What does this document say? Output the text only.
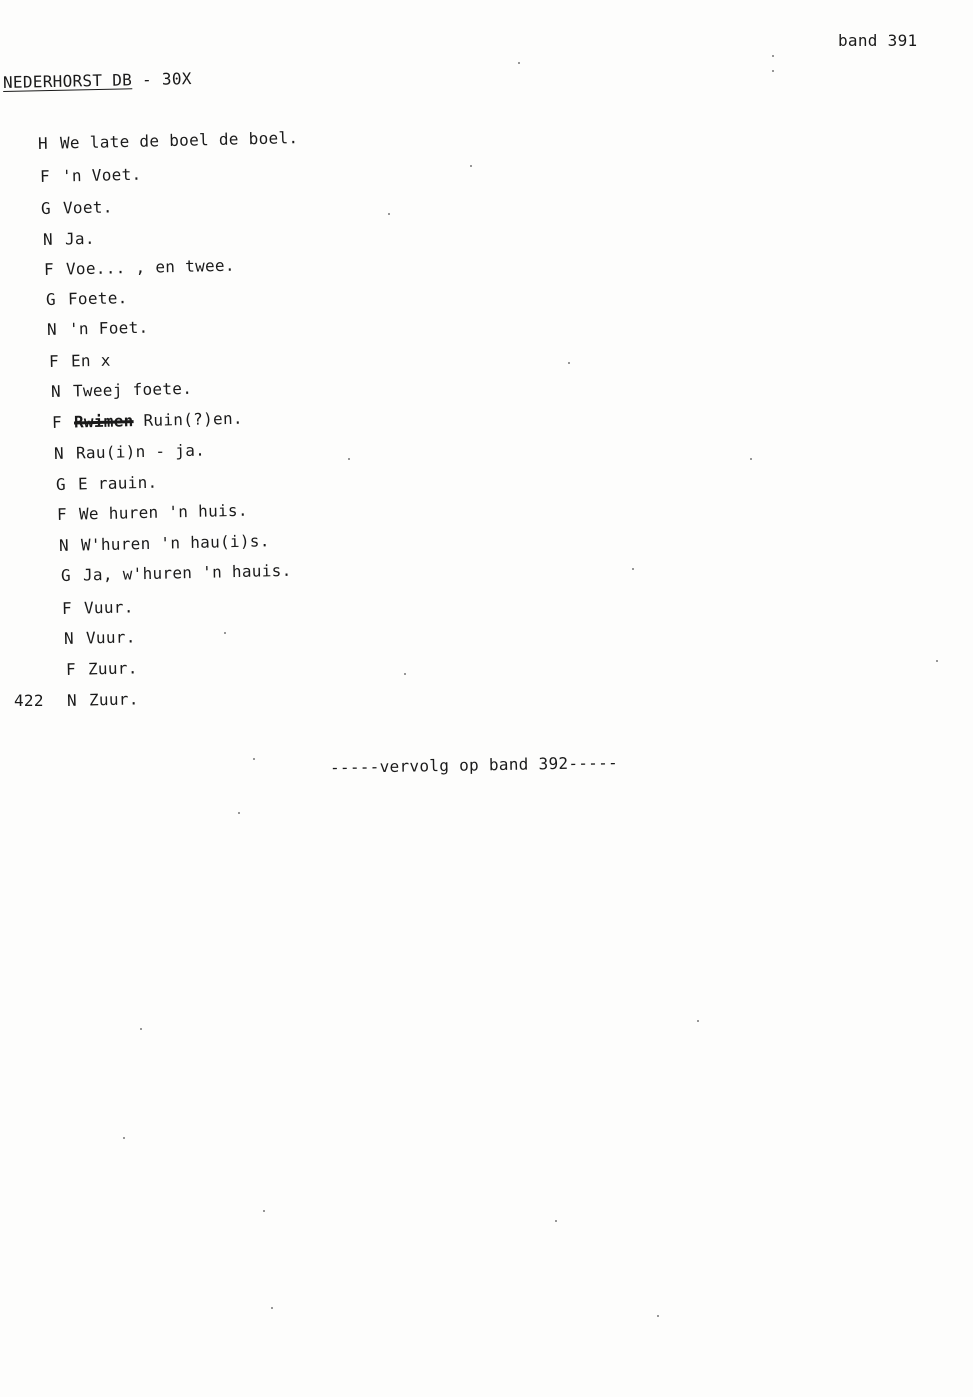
band 391
NEDERHORST DB - 30X
H We late de boel de boel.
F 'n Voet.
G Voet.
N Ja.
F Voe... , en twee.
G Foete.
N 'n Foet.
F En x
N Tweej foete.
F Rwimen Ruin(?)en.
N Rau(i)n - ja.
G E rauin.
F We huren 'n huis.
N W'huren 'n hau(i)s.
G Ja, w'huren 'n hauis.
F Vuur.
N Vuur.
F Zuur.
N Zuur.
422
-----vervolg op band 392-----
